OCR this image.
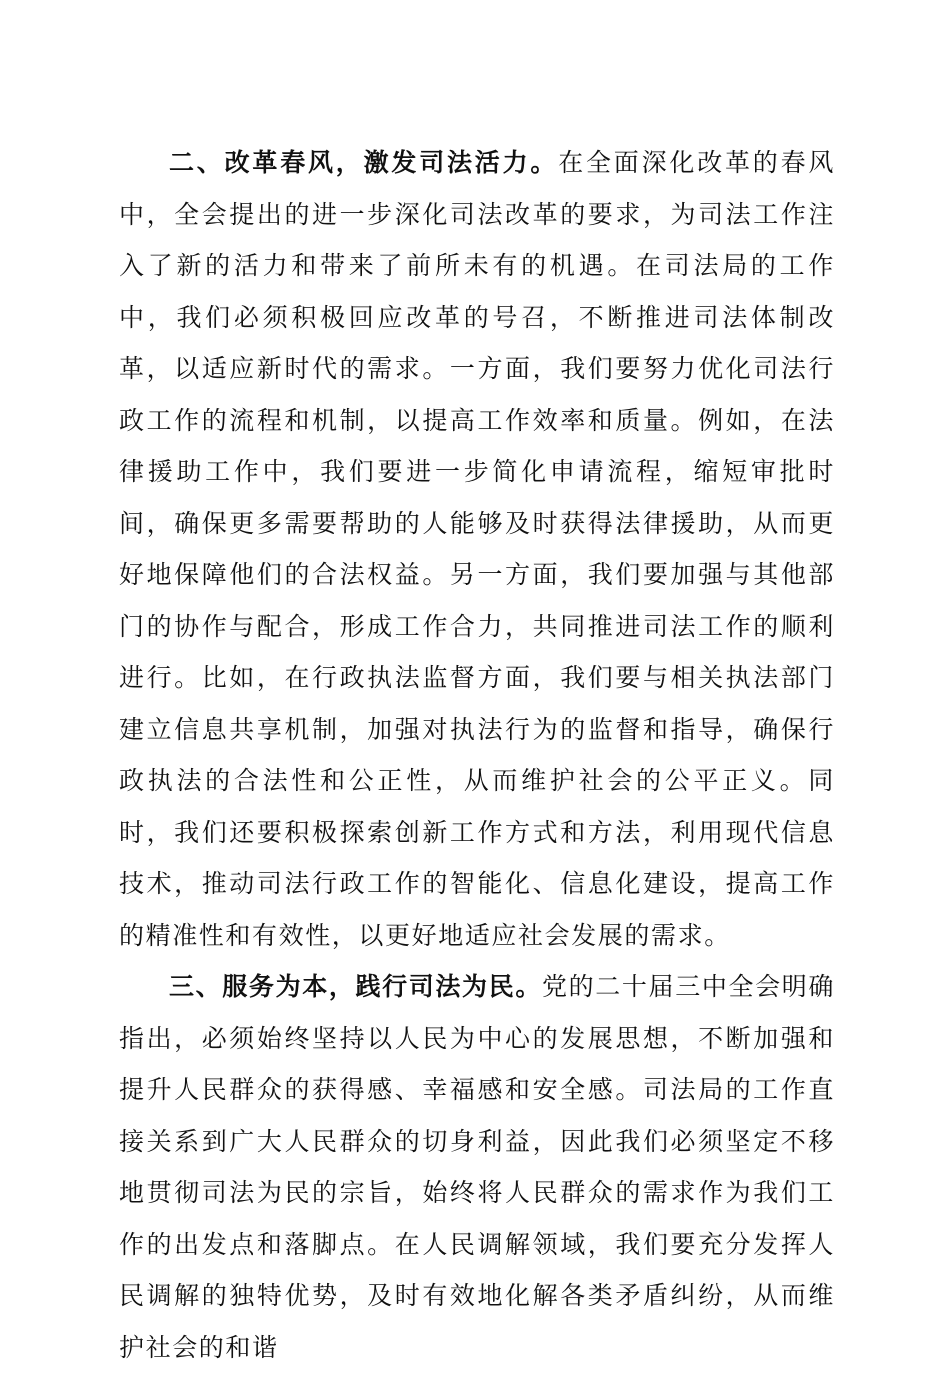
二、改革春风，激发司法活力。在全面深化改革的春风中，全会提出的进一步深化司法改革的要求，为司法工作注入了新的活力和带来了前所未有的机遇。在司法局的工作中，我们必须积极回应改革的号召，不断推进司法体制改革，以适应新时代的需求。一方面，我们要努力优化司法行政工作的流程和机制，以提高工作效率和质量。例如，在法律援助工作中，我们要进一步简化申请流程，缩短审批时间，确保更多需要帮助的人能够及时获得法律援助，从而更好地保障他们的合法权益。另一方面，我们要加强与其他部门的协作与配合，形成工作合力，共同推进司法工作的顺利进行。比如，在行政执法监督方面，我们要与相关执法部门建立信息共享机制，加强对执法行为的监督和指导，确保行政执法的合法性和公正性，从而维护社会的公平正义。同时，我们还要积极探索创新工作方式和方法，利用现代信息技术，推动司法行政工作的智能化、信息化建设，提高工作的精准性和有效性，以更好地适应社会发展的需求。

三、服务为本，践行司法为民。党的二十届三中全会明确指出，必须始终坚持以人民为中心的发展思想，不断加强和提升人民群众的获得感、幸福感和安全感。司法局的工作直接关系到广大人民群众的切身利益，因此我们必须坚定不移地贯彻司法为民的宗旨，始终将人民群众的需求作为我们工作的出发点和落脚点。在人民调解领域，我们要充分发挥人民调解的独特优势，及时有效地化解各类矛盾纠纷，从而维护社会的和谐
